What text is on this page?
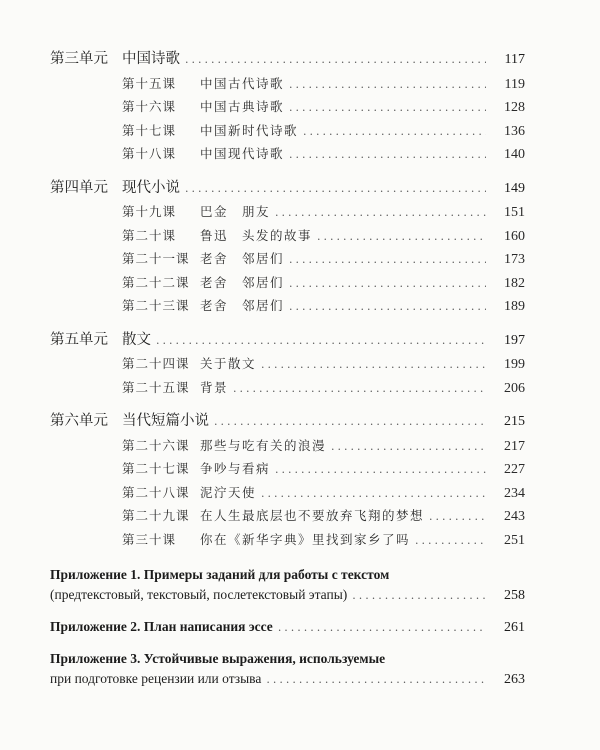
第三单元 中国诗歌 .....	117
第十五课	中国古代诗歌 .....	119
第十六课	中国古典诗歌 .....	128
第十七课	中国新时代诗歌 .....	136
第十八课	中国现代诗歌 .....	140
第四单元 现代小说 .....	149
第十九课	巴金 朋友 .....	151
第二十课	鲁迅 头发的故事 .....	160
第二十一课 老舍 邻居们 .....	173
第二十二课 老舍 邻居们 .....	182
第二十三课 老舍 邻居们 .....	189
第五单元 散文 .....	197
第二十四课 关于散文 .....	199
第二十五课 背景 .....	206
第六单元 当代短篇小说 .....	215
第二十六课 那些与吃有关的浪漫 .....	217
第二十七课 争吵与看病 .....	227
第二十八课 泥泞天使 .....	234
第二十九课 在人生最底层也不要放弃飞翔的梦想 .....	243
第三十课	你在《新华字典》里找到家乡了吗 .....	251
Приложение 1. Примеры заданий для работы с текстом
(предтекстовый, текстовый, послетекстовый этапы) .....	258
Приложение 2. План написания эссе .....	261
Приложение 3. Устойчивые выражения, используемые
при подготовке рецензии или отзыва .....	263
